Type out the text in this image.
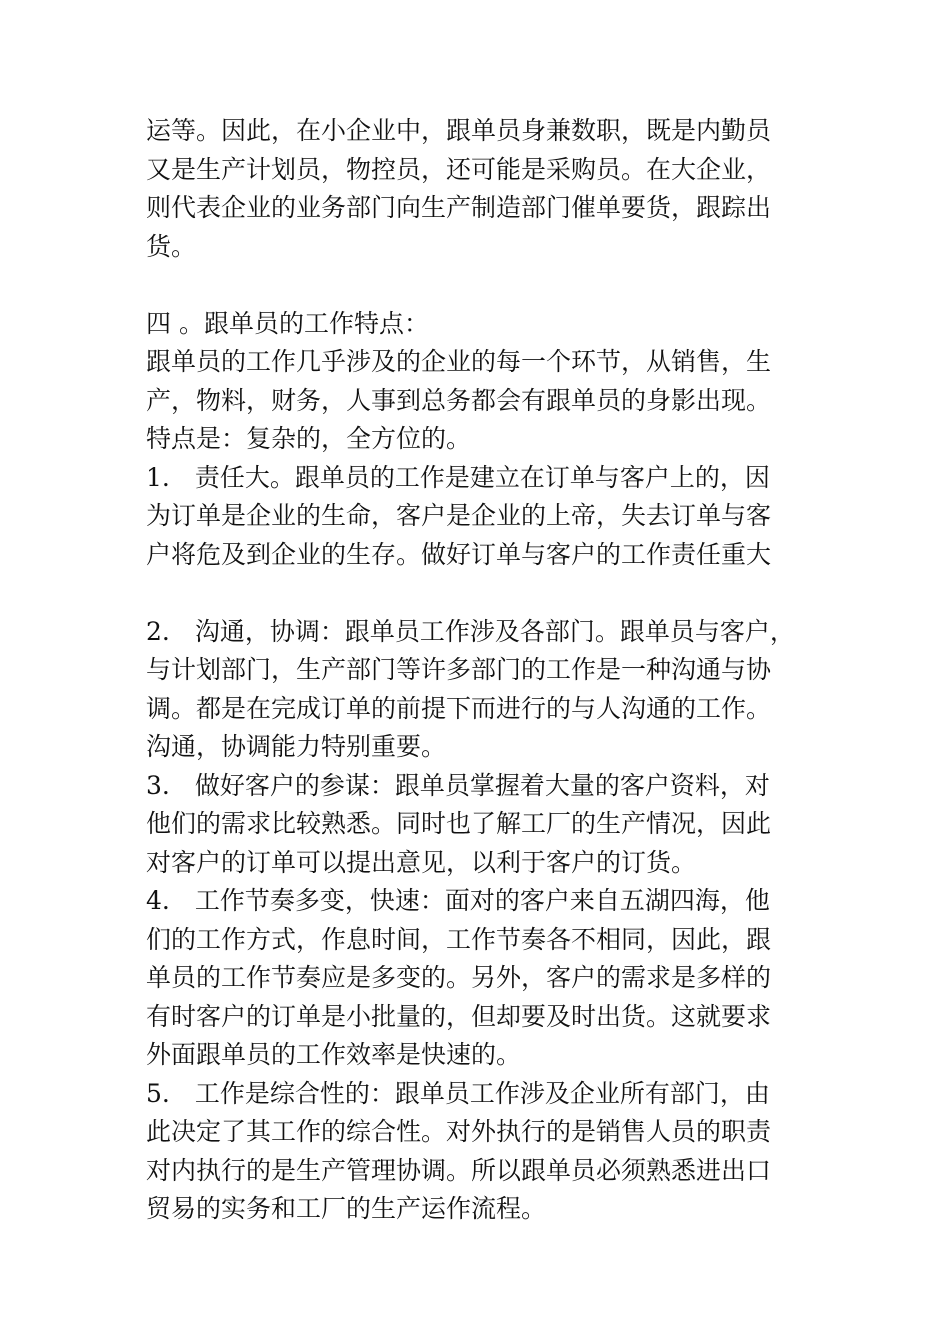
运等。因此，在小企业中，跟单员身兼数职，既是内勤员
又是生产计划员，物控员，还可能是采购员。在大企业，
则代表企业的业务部门向生产制造部门催单要货，跟踪出
货。
四 。跟单员的工作特点：
跟单员的工作几乎涉及的企业的每一个环节，从销售，生
产，物料，财务，人事到总务都会有跟单员的身影出现。
特点是：复杂的，全方位的。
1.　责任大。跟单员的工作是建立在订单与客户上的，因
为订单是企业的生命，客户是企业的上帝，失去订单与客
户将危及到企业的生存。做好订单与客户的工作责任重大
2.　沟通，协调：跟单员工作涉及各部门。跟单员与客户，
与计划部门，生产部门等许多部门的工作是一种沟通与协
调。都是在完成订单的前提下而进行的与人沟通的工作。
沟通，协调能力特别重要。
3.　做好客户的参谋：跟单员掌握着大量的客户资料，对
他们的需求比较熟悉。同时也了解工厂的生产情况，因此
对客户的订单可以提出意见，以利于客户的订货。
4.　工作节奏多变，快速：面对的客户来自五湖四海，他
们的工作方式，作息时间，工作节奏各不相同，因此，跟
单员的工作节奏应是多变的。另外，客户的需求是多样的
有时客户的订单是小批量的，但却要及时出货。这就要求
外面跟单员的工作效率是快速的。
5.　工作是综合性的：跟单员工作涉及企业所有部门，由
此决定了其工作的综合性。对外执行的是销售人员的职责
对内执行的是生产管理协调。所以跟单员必须熟悉进出口
贸易的实务和工厂的生产运作流程。
